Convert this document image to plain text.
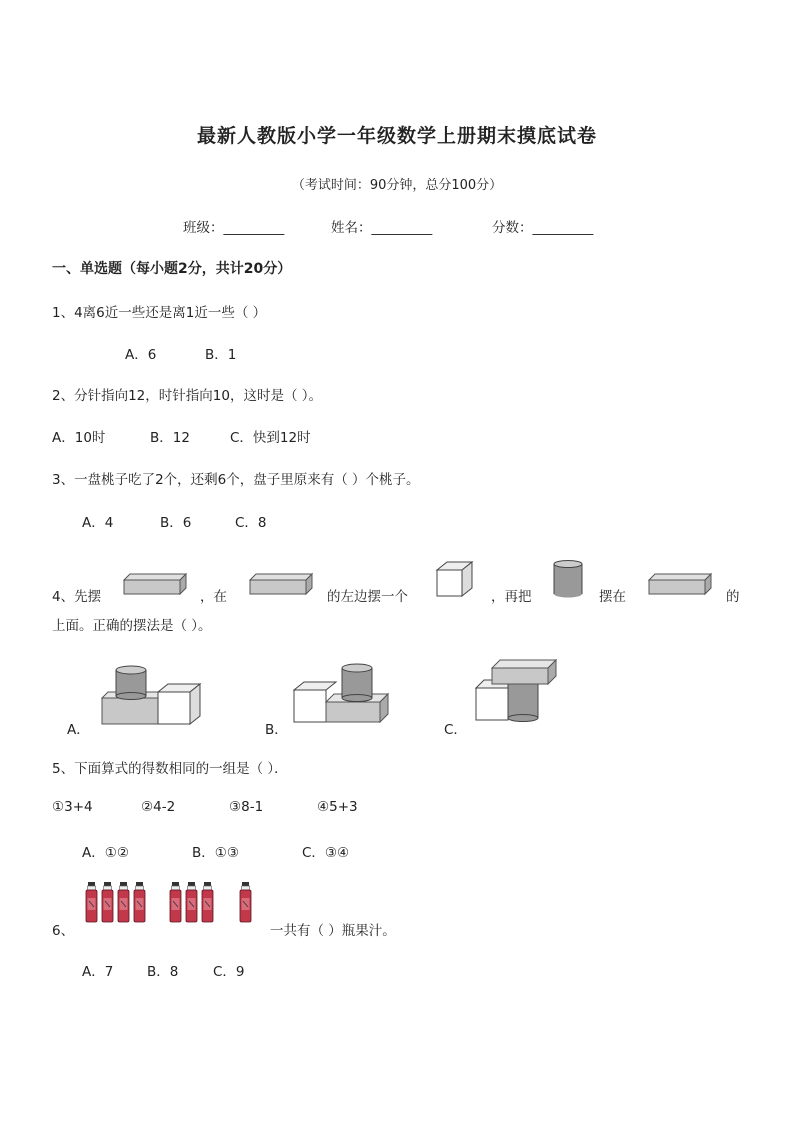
最新人教版小学一年级数学上册期末摸底试卷
（考试时间：90分钟，总分100分）
班级：_________	姓名：_________	分数：_________
一、单选题（每小题2分，共计20分）
1、4离6近一些还是离1近一些（ ）
A．6	B．1
2、分针指向12，时针指向10，这时是（ ）。
A．10时	B．12	C．快到12时
3、一盘桃子吃了2个，还剩6个，盘子里原来有（ ）个桃子。
A．4	B．6	C．8
4、先摆	，在	的左边摆一个	，再把	摆在	的
上面。正确的摆法是（ ）。
A．	B．	C．
5、下面算式的得数相同的一组是（ ）．
①3+4	②4-2	③8-1	④5+3
A．①②	B．①③	C．③④
6、	一共有（ ）瓶果汁。
A．7 B．8	C．9
